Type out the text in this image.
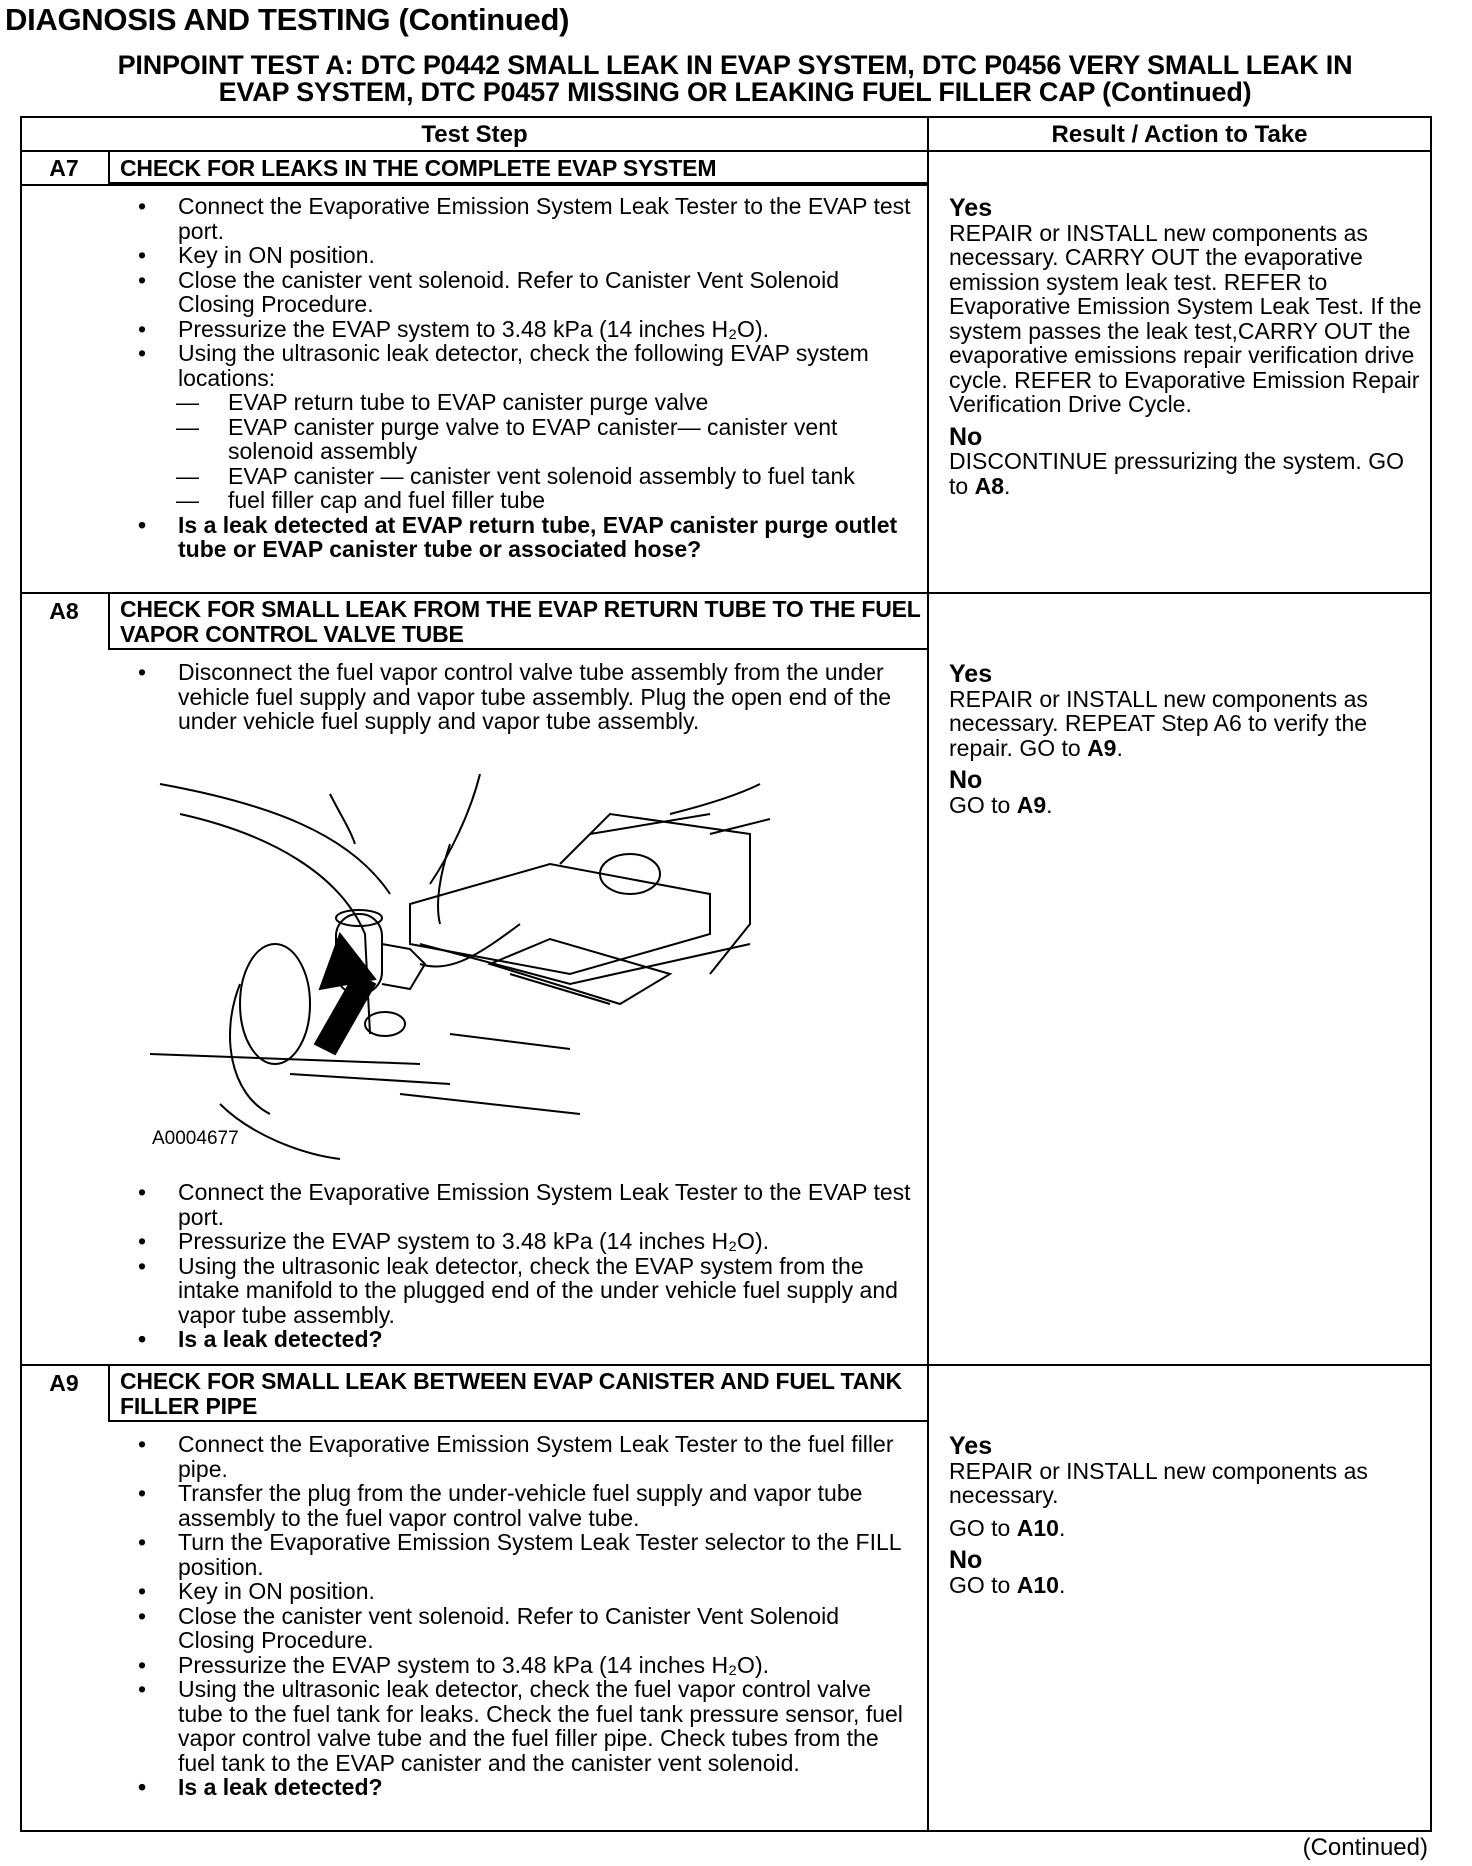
DIAGNOSIS AND TESTING (Continued)
PINPOINT TEST A: DTC P0442 SMALL LEAK IN EVAP SYSTEM, DTC P0456 VERY SMALL LEAK IN
EVAP SYSTEM, DTC P0457 MISSING OR LEAKING FUEL FILLER CAP (Continued)
Test Step	Result / Action to Take
A7	CHECK FOR LEAKS IN THE COMPLETE EVAP SYSTEM
• Connect the Evaporative Emission System Leak Tester to the EVAP test port.
• Key in ON position.
• Close the canister vent solenoid. Refer to Canister Vent Solenoid Closing Procedure.
• Pressurize the EVAP system to 3.48 kPa (14 inches H₂O).
• Using the ultrasonic leak detector, check the following EVAP system locations:
— EVAP return tube to EVAP canister purge valve
— EVAP canister purge valve to EVAP canister— canister vent solenoid assembly
— EVAP canister — canister vent solenoid assembly to fuel tank
— fuel filler cap and fuel filler tube
• Is a leak detected at EVAP return tube, EVAP canister purge outlet tube or EVAP canister tube or associated hose?

Yes

REPAIR or INSTALL new components as necessary. CARRY OUT the evaporative emission system leak test. REFER to Evaporative Emission System Leak Test. If the system passes the leak test,CARRY OUT the evaporative emissions repair verification drive cycle. REFER to Evaporative Emission Repair Verification Drive Cycle.

No

DISCONTINUE pressurizing the system. GO to A8.

A8	CHECK FOR SMALL LEAK FROM THE EVAP RETURN TUBE TO THE FUEL VAPOR CONTROL VALVE TUBE
• Disconnect the fuel vapor control valve tube assembly from the under vehicle fuel supply and vapor tube assembly. Plug the open end of the under vehicle fuel supply and vapor tube assembly.
• Connect the Evaporative Emission System Leak Tester to the EVAP test port.
• Pressurize the EVAP system to 3.48 kPa (14 inches H₂O).
• Using the ultrasonic leak detector, check the EVAP system from the intake manifold to the plugged end of the under vehicle fuel supply and vapor tube assembly.
• Is a leak detected?

Yes

REPAIR or INSTALL new components as necessary. REPEAT Step A6 to verify the repair. GO to A9.

No

GO to A9.

A9	CHECK FOR SMALL LEAK BETWEEN EVAP CANISTER AND FUEL TANK FILLER PIPE
• Connect the Evaporative Emission System Leak Tester to the fuel filler pipe.
• Transfer the plug from the under-vehicle fuel supply and vapor tube assembly to the fuel vapor control valve tube.
• Turn the Evaporative Emission System Leak Tester selector to the FILL position.
• Key in ON position.
• Close the canister vent solenoid. Refer to Canister Vent Solenoid Closing Procedure.
• Pressurize the EVAP system to 3.48 kPa (14 inches H₂O).
• Using the ultrasonic leak detector, check the fuel vapor control valve tube to the fuel tank for leaks. Check the fuel tank pressure sensor, fuel vapor control valve tube and the fuel filler pipe. Check tubes from the fuel tank to the EVAP canister and the canister vent solenoid.
• Is a leak detected?

Yes

REPAIR or INSTALL new components as necessary.

GO to A10.

No

GO to A10.

A0004677
(Continued)
